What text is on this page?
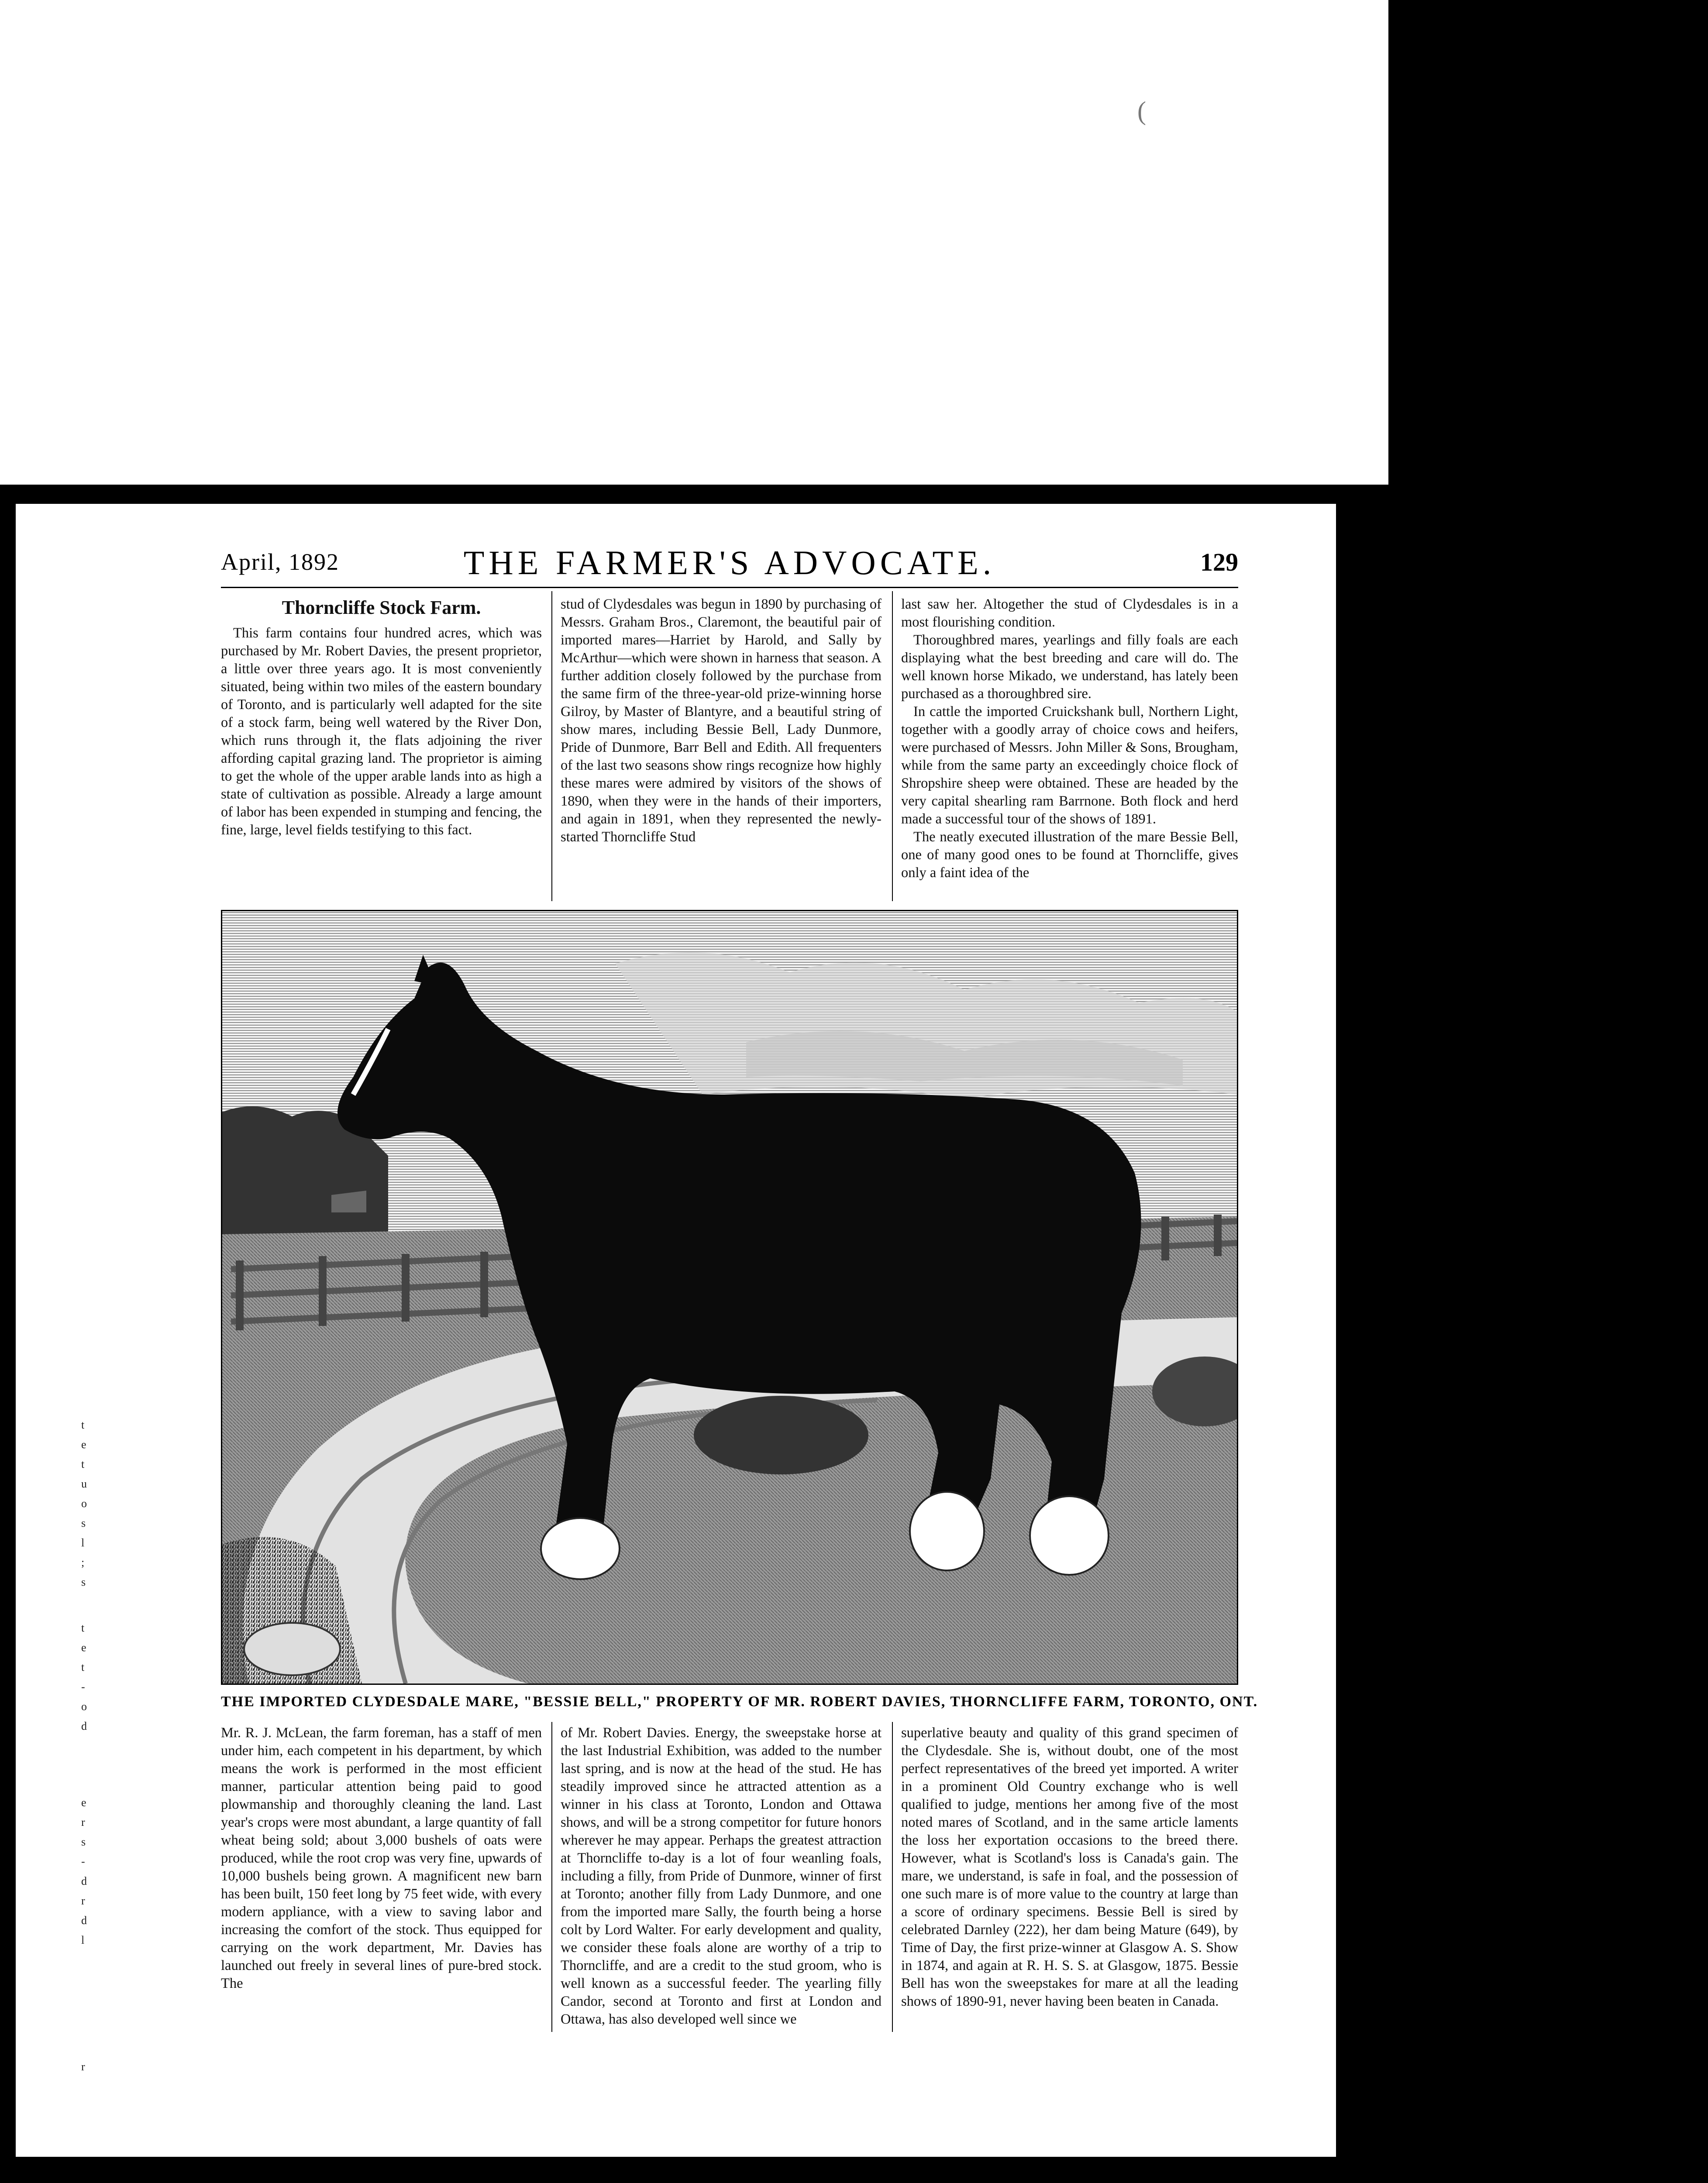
(
t
e
t
u
o
s
l
;
s
t
e
t
-
o
d
e
r
s
-
d
r
d
l
r
April, 1892	THE FARMER'S ADVOCATE.	129
Thorncliffe Stock Farm.

This farm contains four hundred acres, which was purchased by Mr. Robert Davies, the present proprietor, a little over three years ago. It is most conveniently situated, being within two miles of the eastern boundary of Toronto, and is particularly well adapted for the site of a stock farm, being well watered by the River Don, which runs through it, the flats adjoining the river affording capital grazing land. The proprietor is aiming to get the whole of the upper arable lands into as high a state of cultivation as possible. Already a large amount of labor has been expended in stumping and fencing, the fine, large, level fields testifying to this fact.

stud of Clydesdales was begun in 1890 by purchasing of Messrs. Graham Bros., Claremont, the beautiful pair of imported mares—Harriet by Harold, and Sally by McArthur—which were shown in harness that season. A further addition closely followed by the purchase from the same firm of the three-year-old prize-winning horse Gilroy, by Master of Blantyre, and a beautiful string of show mares, including Bessie Bell, Lady Dunmore, Pride of Dunmore, Barr Bell and Edith. All frequenters of the last two seasons show rings recognize how highly these mares were admired by visitors of the shows of 1890, when they were in the hands of their importers, and again in 1891, when they represented the newly-started Thorncliffe Stud

last saw her. Altogether the stud of Clydesdales is in a most flourishing condition.

Thoroughbred mares, yearlings and filly foals are each displaying what the best breeding and care will do. The well known horse Mikado, we understand, has lately been purchased as a thoroughbred sire.

In cattle the imported Cruickshank bull, Northern Light, together with a goodly array of choice cows and heifers, were purchased of Messrs. John Miller & Sons, Brougham, while from the same party an exceedingly choice flock of Shropshire sheep were obtained. These are headed by the very capital shearling ram Barrnone. Both flock and herd made a successful tour of the shows of 1891.

The neatly executed illustration of the mare Bessie Bell, one of many good ones to be found at Thorncliffe, gives only a faint idea of the

THE IMPORTED CLYDESDALE MARE, "BESSIE BELL," PROPERTY OF MR. ROBERT DAVIES, THORNCLIFFE FARM, TORONTO, ONT.

Mr. R. J. McLean, the farm foreman, has a staff of men under him, each competent in his department, by which means the work is performed in the most efficient manner, particular attention being paid to good plowmanship and thoroughly cleaning the land. Last year's crops were most abundant, a large quantity of fall wheat being sold; about 3,000 bushels of oats were produced, while the root crop was very fine, upwards of 10,000 bushels being grown. A magnificent new barn has been built, 150 feet long by 75 feet wide, with every modern appliance, with a view to saving labor and increasing the comfort of the stock. Thus equipped for carrying on the work department, Mr. Davies has launched out freely in several lines of pure-bred stock. The

of Mr. Robert Davies. Energy, the sweepstake horse at the last Industrial Exhibition, was added to the number last spring, and is now at the head of the stud. He has steadily improved since he attracted attention as a winner in his class at Toronto, London and Ottawa shows, and will be a strong competitor for future honors wherever he may appear. Perhaps the greatest attraction at Thorncliffe to-day is a lot of four weanling foals, including a filly, from Pride of Dunmore, winner of first at Toronto; another filly from Lady Dunmore, and one from the imported mare Sally, the fourth being a horse colt by Lord Walter. For early development and quality, we consider these foals alone are worthy of a trip to Thorncliffe, and are a credit to the stud groom, who is well known as a successful feeder. The yearling filly Candor, second at Toronto and first at London and Ottawa, has also developed well since we

superlative beauty and quality of this grand specimen of the Clydesdale. She is, without doubt, one of the most perfect representatives of the breed yet imported. A writer in a prominent Old Country exchange who is well qualified to judge, mentions her among five of the most noted mares of Scotland, and in the same article laments the loss her exportation occasions to the breed there. However, what is Scotland's loss is Canada's gain. The mare, we understand, is safe in foal, and the possession of one such mare is of more value to the country at large than a score of ordinary specimens. Bessie Bell is sired by celebrated Darnley (222), her dam being Mature (649), by Time of Day, the first prize-winner at Glasgow A. S. Show in 1874, and again at R. H. S. S. at Glasgow, 1875. Bessie Bell has won the sweepstakes for mare at all the leading shows of 1890-91, never having been beaten in Canada.
